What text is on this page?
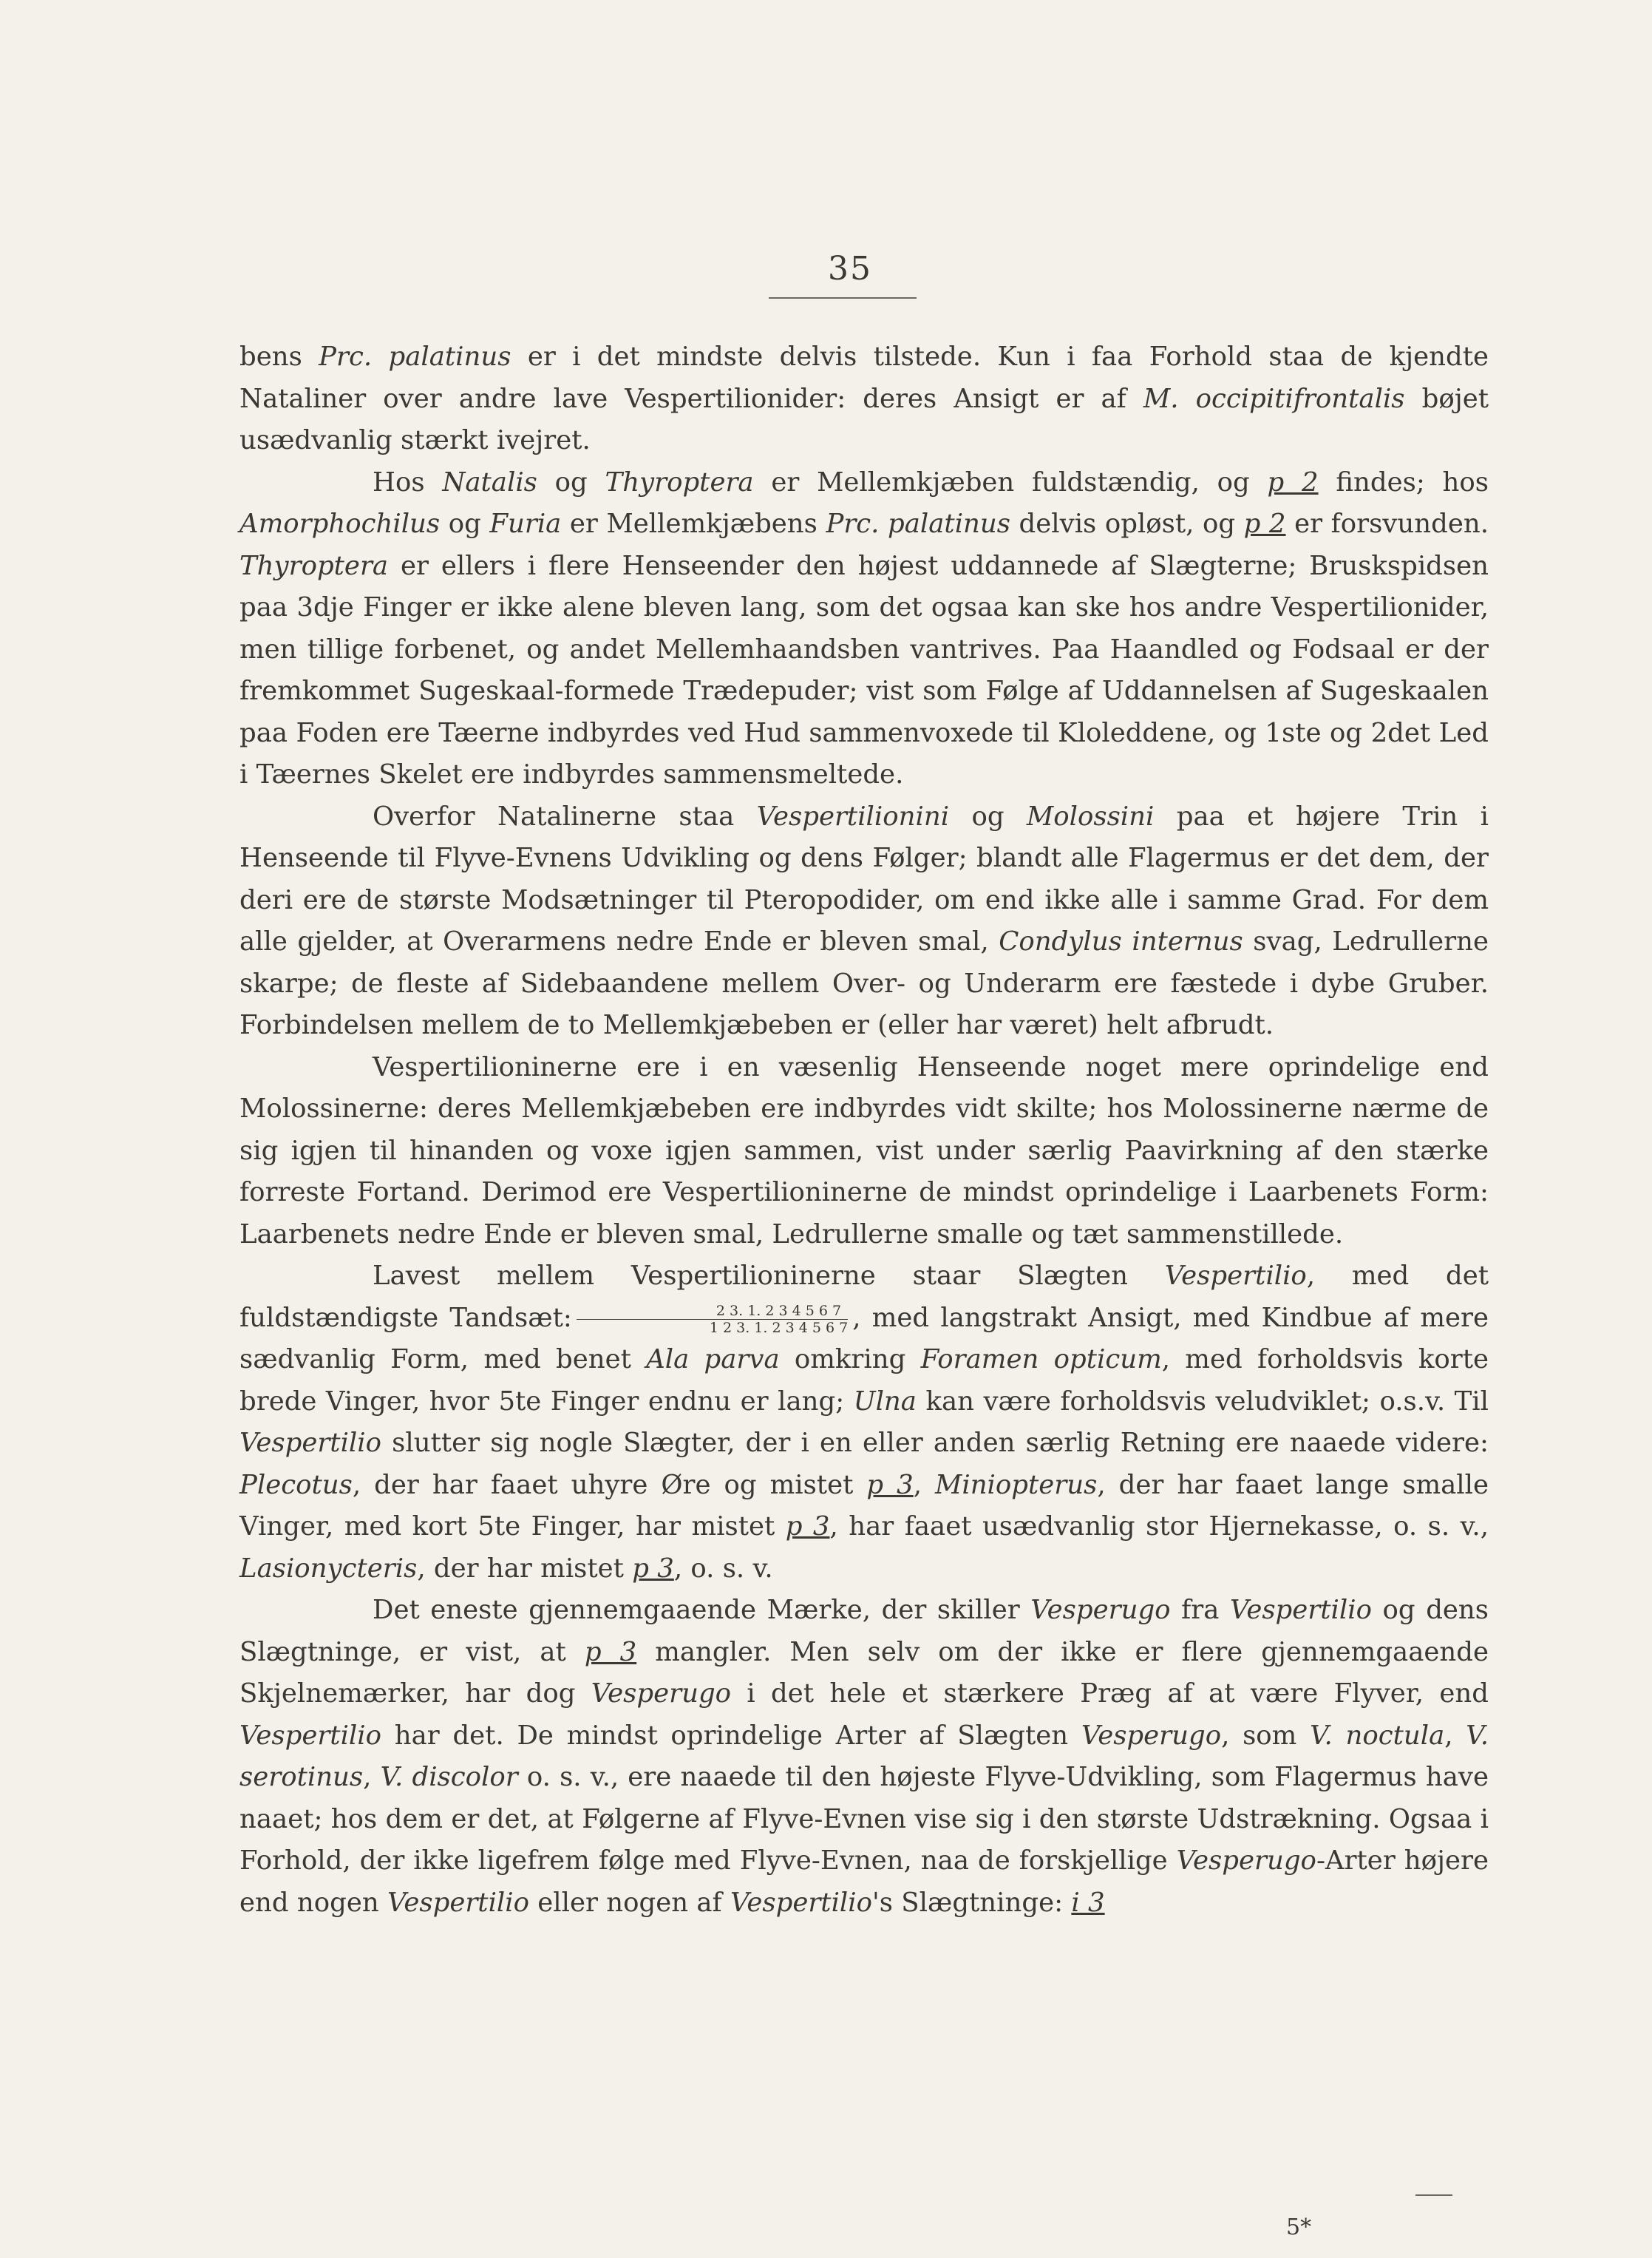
35

bens Prc. palatinus er i det mindste delvis tilstede. Kun i faa Forhold staa de kjendte Nataliner over andre lave Vespertilionider: deres Ansigt er af M. occipitifrontalis bøjet usædvanlig stærkt ivejret.

Hos Natalis og Thyroptera er Mellemkjæben fuldstændig, og p 2 findes; hos Amorphochilus og Furia er Mellemkjæbens Prc. palatinus delvis opløst, og p 2 er forsvunden. Thyroptera er ellers i flere Henseender den højest uddannede af Slægterne; Bruskspidsen paa 3dje Finger er ikke alene bleven lang, som det ogsaa kan ske hos andre Vespertilionider, men tillige forbenet, og andet Mellemhaandsben vantrives. Paa Haandled og Fodsaal er der fremkommet Sugeskaal-formede Trædepuder; vist som Følge af Uddannelsen af Sugeskaalen paa Foden ere Tæerne indbyrdes ved Hud sammenvoxede til Kloleddene, og 1ste og 2det Led i Tæernes Skelet ere indbyrdes sammensmeltede.

Overfor Natalinerne staa Vespertilionini og Molossini paa et højere Trin i Henseende til Flyve-Evnens Udvikling og dens Følger; blandt alle Flagermus er det dem, der deri ere de største Modsætninger til Pteropodider, om end ikke alle i samme Grad. For dem alle gjelder, at Overarmens nedre Ende er bleven smal, Condylus internus svag, Ledrullerne skarpe; de fleste af Sidebaandene mellem Over- og Underarm ere fæstede i dybe Gruber. Forbindelsen mellem de to Mellemkjæbeben er (eller har været) helt afbrudt.

Vespertilioninerne ere i en væsenlig Henseende noget mere oprindelige end Molossinerne: deres Mellemkjæbeben ere indbyrdes vidt skilte; hos Molossinerne nærme de sig igjen til hinanden og voxe igjen sammen, vist under særlig Paavirkning af den stærke forreste Fortand. Derimod ere Vespertilioninerne de mindst oprindelige i Laarbenets Form: Laarbenets nedre Ende er bleven smal, Ledrullerne smalle og tæt sammenstillede.

Lavest mellem Vespertilioninerne staar Slægten Vespertilio, med det fuldstændigste Tandsæt: $\frac{2 3. 1. 2 3 4 5 6 7}{1 2 3. 1. 2 3 4 5 6 7}$ , med langstrakt Ansigt, med Kindbue af mere sædvanlig Form, med benet Ala parva omkring Foramen opticum, med forholdsvis korte brede Vinger, hvor 5te Finger endnu er lang; Ulna kan være forholdsvis veludviklet; o.s.v. Til Vespertilio slutter sig nogle Slægter, der i en eller anden særlig Retning ere naaede videre: Plecotus, der har faaet uhyre Øre og mistet p 3, Miniopterus, der har faaet lange smalle Vinger, med kort 5te Finger, har mistet p 3, har faaet usædvanlig stor Hjernekasse, o. s. v., Lasionycteris, der har mistet p 3, o. s. v.

Det eneste gjennemgaaende Mærke, der skiller Vesperugo fra Vespertilio og dens Slægtninge, er vist, at p 3 mangler. Men selv om der ikke er flere gjennemgaaende Skjelnemærker, har dog Vesperugo i det hele et stærkere Præg af at være Flyver, end Vespertilio har det. De mindst oprindelige Arter af Slægten Vesperugo, som V. noctula, V. serotinus, V. discolor o. s. v., ere naaede til den højeste Flyve-Udvikling, som Flagermus have naaet; hos dem er det, at Følgerne af Flyve-Evnen vise sig i den største Udstrækning. Ogsaa i Forhold, der ikke ligefrem følge med Flyve-Evnen, naa de forskjellige Vesperugo-Arter højere end nogen Vespertilio eller nogen af Vespertilio's Slægtninge: i 3

5*
